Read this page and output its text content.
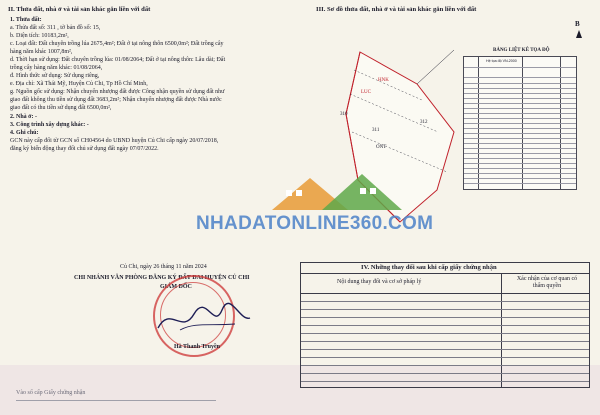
II. Thửa đất, nhà ở và tài sản khác gắn liền với đất
1. Thửa đất:
a. Thửa đất số: 311 , tờ bản đồ số: 15,
b. Diện tích: 10183,2m²,
c. Loại đất: Đất chuyên trồng lúa 2675,4m²; Đất ở tại nông thôn 6500,0m²; Đất trồng cây
hàng năm khác 1007,8m²,
d. Thời hạn sử dụng: Đất chuyên trồng lúa: 01/08/2064; Đất ở tại nông thôn: Lâu dài; Đất
trồng cây hàng năm khác: 01/08/2064,
đ. Hình thức sử dụng: Sử dụng riêng,
e. Địa chỉ: Xã Thái Mỹ, Huyện Củ Chi, Tp Hồ Chí Minh,
g. Nguồn gốc sử dụng: Nhận chuyển nhượng đất được Công nhận quyền sử dụng đất như
giao đất không thu tiền sử dụng đất 3683,2m²; Nhận chuyển nhượng đất được Nhà nước
giao đất có thu tiền sử dụng đất 6500,0m²,
2. Nhà ở: -
3. Công trình xây dựng khác: -
4. Ghi chú:
GCN này cấp đổi từ GCN số CH04564 do UBND huyện Củ Chi cấp ngày 20/07/2018,
đăng ký biến động thay đổi chủ sử dụng đất ngày 07/07/2022.
Củ Chi, ngày 26 tháng 11 năm 2024
CHI NHÁNH VĂN PHÒNG ĐĂNG KÝ ĐẤT ĐAI HUYỆN CỦ CHI
GIÁM ĐỐC
Hà Thanh Truyền
Vào sổ cấp Giấy chứng nhận
III. Sơ đồ thửa đất, nhà ở và tài sản khác gắn liền với đất
LUC
HNK
311
ONT
310
312
B
BẢNG LIỆT KÊ TỌA ĐỘ
Hệ tọa độ VN-2000
IV. Những thay đổi sau khi cấp giấy chứng nhận
Nội dung thay đổi và cơ sở pháp lý	Xác nhận của cơ quan có thẩm quyền
NHADATONLINE360.COM
